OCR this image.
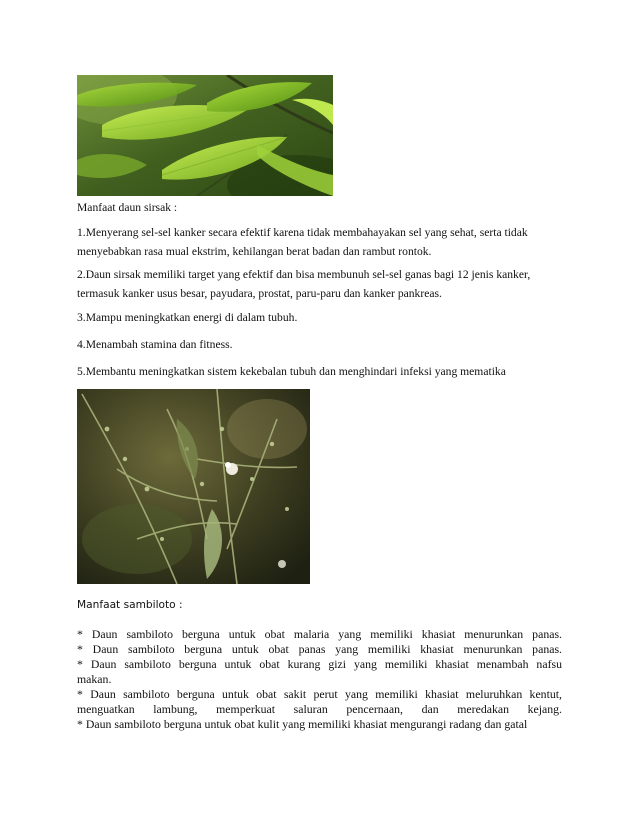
Manfaat daun sirsak :

1.Menyerang sel-sel kanker secara efektif karena tidak membahayakan sel yang sehat, serta tidak menyebabkan rasa mual ekstrim, kehilangan berat badan dan rambut rontok.

2.Daun sirsak memiliki target yang efektif dan bisa membunuh sel-sel ganas bagi 12 jenis kanker, termasuk kanker usus besar, payudara, prostat, paru-paru dan kanker pankreas.

3.Mampu meningkatkan energi di dalam tubuh.

4.Menambah stamina dan fitness.

5.Membantu meningkatkan sistem kekebalan tubuh dan menghindari infeksi yang mematika

Manfaat sambiloto :

* Daun sambiloto berguna untuk obat malaria yang memiliki khasiat menurunkan panas.

* Daun sambiloto berguna untuk obat panas yang memiliki khasiat menurunkan panas.

* Daun sambiloto berguna untuk obat kurang gizi yang memiliki khasiat menambah nafsu

makan.

* Daun sambiloto berguna untuk obat sakit perut yang memiliki khasiat meluruhkan kentut,

menguatkan lambung, memperkuat saluran pencernaan, dan meredakan kejang.

* Daun sambiloto berguna untuk obat kulit yang memiliki khasiat mengurangi radang dan gatal
